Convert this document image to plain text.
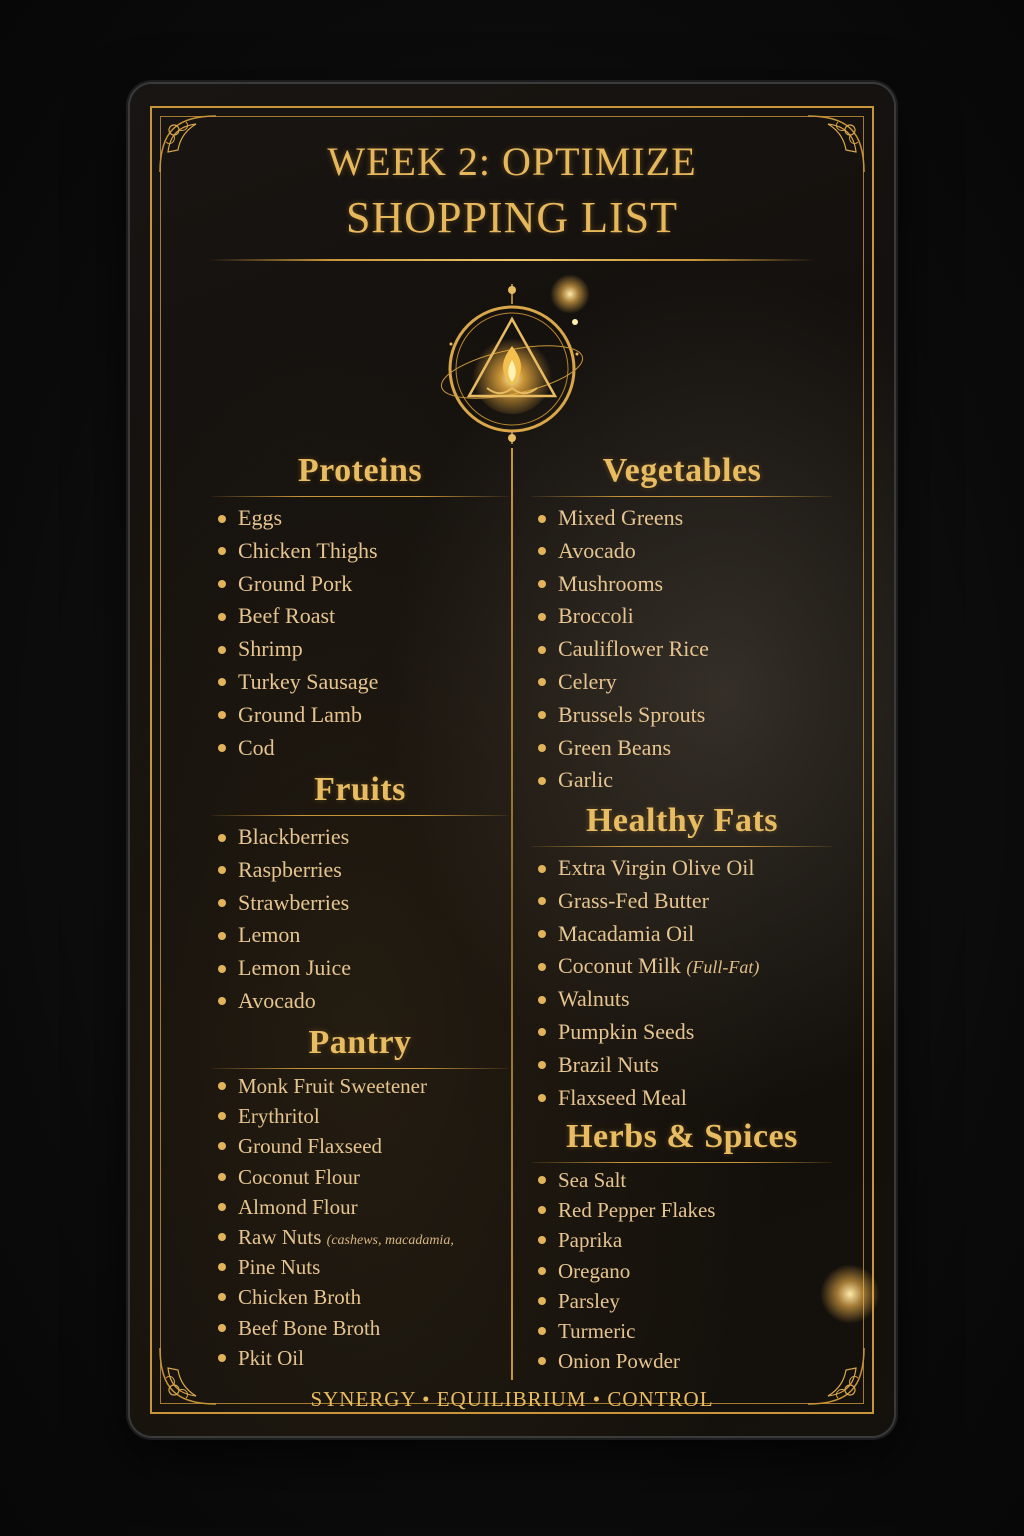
WEEK 2: OPTIMIZE
SHOPPING LIST
Proteins
Eggs
Chicken Thighs
Ground Pork
Beef Roast
Shrimp
Turkey Sausage
Ground Lamb
Cod
Fruits
Blackberries
Raspberries
Strawberries
Lemon
Lemon Juice
Avocado
Pantry
Monk Fruit Sweetener
Erythritol
Ground Flaxseed
Coconut Flour
Almond Flour
Raw Nuts (cashews, macadamia,
Pine Nuts
Chicken Broth
Beef Bone Broth
Pkit Oil
Vegetables
Mixed Greens
Avocado
Mushrooms
Broccoli
Cauliflower Rice
Celery
Brussels Sprouts
Green Beans
Garlic
Healthy Fats
Extra Virgin Olive Oil
Grass-Fed Butter
Macadamia Oil
Coconut Milk (Full-Fat)
Walnuts
Pumpkin Seeds
Brazil Nuts
Flaxseed Meal
Herbs & Spices
Sea Salt
Red Pepper Flakes
Paprika
Oregano
Parsley
Turmeric
Onion Powder
SYNERGY • EQUILIBRIUM • CONTROL
